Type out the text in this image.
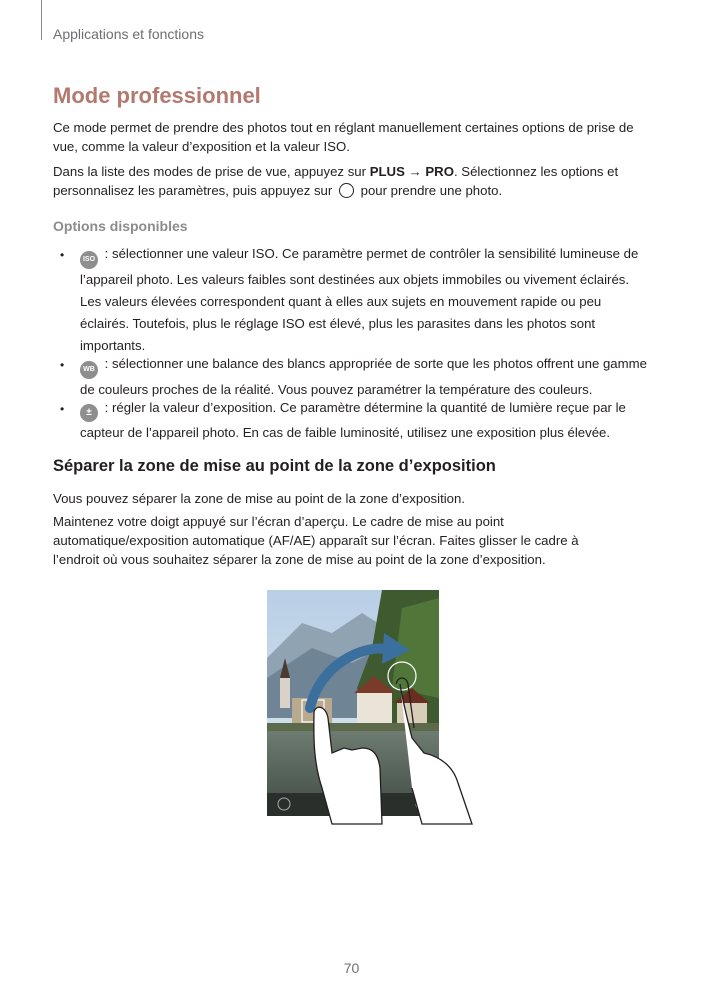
Applications et fonctions
Mode professionnel

Ce mode permet de prendre des photos tout en réglant manuellement certaines options de prise de vue, comme la valeur d’exposition et la valeur ISO.

Dans la liste des modes de prise de vue, appuyez sur PLUS → PRO. Sélectionnez les options et personnalisez les paramètres, puis appuyez sur  pour prendre une photo.

Options disponibles
•	ISO : sélectionner une valeur ISO. Ce paramètre permet de contrôler la sensibilité lumineuse de l’appareil photo. Les valeurs faibles sont destinées aux objets immobiles ou vivement éclairés. Les valeurs élevées correspondent quant à elles aux sujets en mouvement rapide ou peu éclairés. Toutefois, plus le réglage ISO est élevé, plus les parasites dans les photos sont importants.

•	WB : sélectionner une balance des blancs appropriée de sorte que les photos offrent une gamme de couleurs proches de la réalité. Vous pouvez paramétrer la température des couleurs.

•	± : régler la valeur d’exposition. Ce paramètre détermine la quantité de lumière reçue par le capteur de l’appareil photo. En cas de faible luminosité, utilisez une exposition plus élevée.

Séparer la zone de mise au point de la zone d’exposition

Vous pouvez séparer la zone de mise au point de la zone d’exposition.

Maintenez votre doigt appuyé sur l’écran d’aperçu. Le cadre de mise au point automatique/exposition automatique (AF/AE) apparaît sur l’écran. Faites glisser le cadre à l’endroit où vous souhaitez séparer la zone de mise au point de la zone d’exposition.

70
